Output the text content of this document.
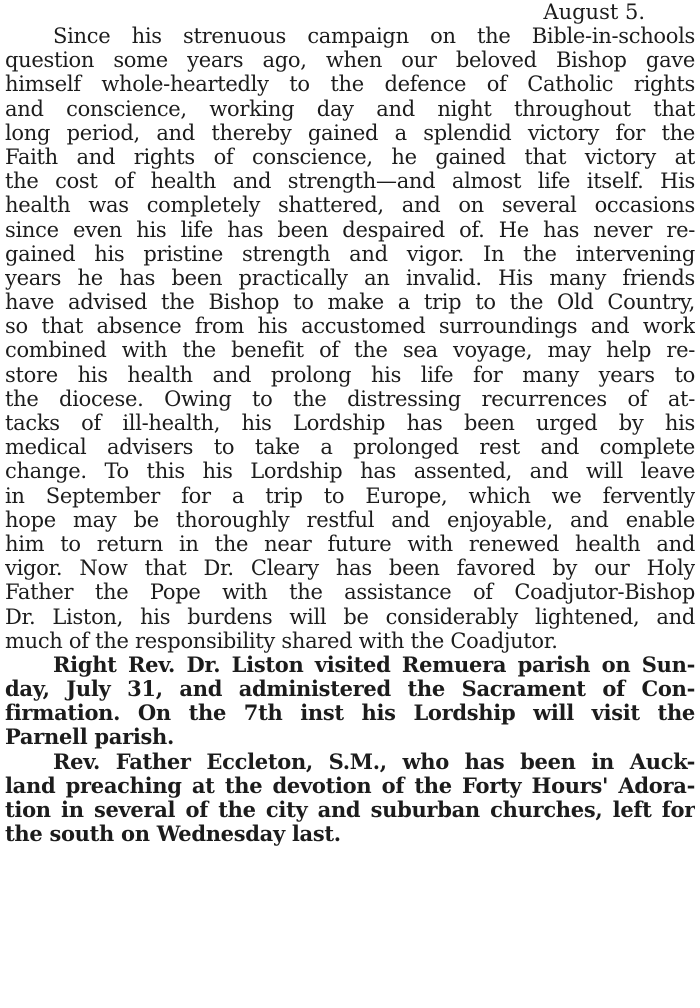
August 5.
Since his strenuous campaign on the Bible-in-schools
question some years ago, when our beloved Bishop gave
himself whole-heartedly to the defence of Catholic rights
and conscience, working day and night throughout that
long period, and thereby gained a splendid victory for the
Faith and rights of conscience, he gained that victory at
the cost of health and strength—and almost life itself. His
health was completely shattered, and on several occasions
since even his life has been despaired of. He has never re-
gained his pristine strength and vigor. In the intervening
years he has been practically an invalid. His many friends
have advised the Bishop to make a trip to the Old Country,
so that absence from his accustomed surroundings and work
combined with the benefit of the sea voyage, may help re-
store his health and prolong his life for many years to
the diocese. Owing to the distressing recurrences of at-
tacks of ill-health, his Lordship has been urged by his
medical advisers to take a prolonged rest and complete
change. To this his Lordship has assented, and will leave
in September for a trip to Europe, which we fervently
hope may be thoroughly restful and enjoyable, and enable
him to return in the near future with renewed health and
vigor. Now that Dr. Cleary has been favored by our Holy
Father the Pope with the assistance of Coadjutor-Bishop
Dr. Liston, his burdens will be considerably lightened, and
much of the responsibility shared with the Coadjutor.
Right Rev. Dr. Liston visited Remuera parish on Sun-
day, July 31, and administered the Sacrament of Con-
firmation. On the 7th inst his Lordship will visit the
Parnell parish.
Rev. Father Eccleton, S.M., who has been in Auck-
land preaching at the devotion of the Forty Hours' Adora-
tion in several of the city and suburban churches, left for
the south on Wednesday last.
